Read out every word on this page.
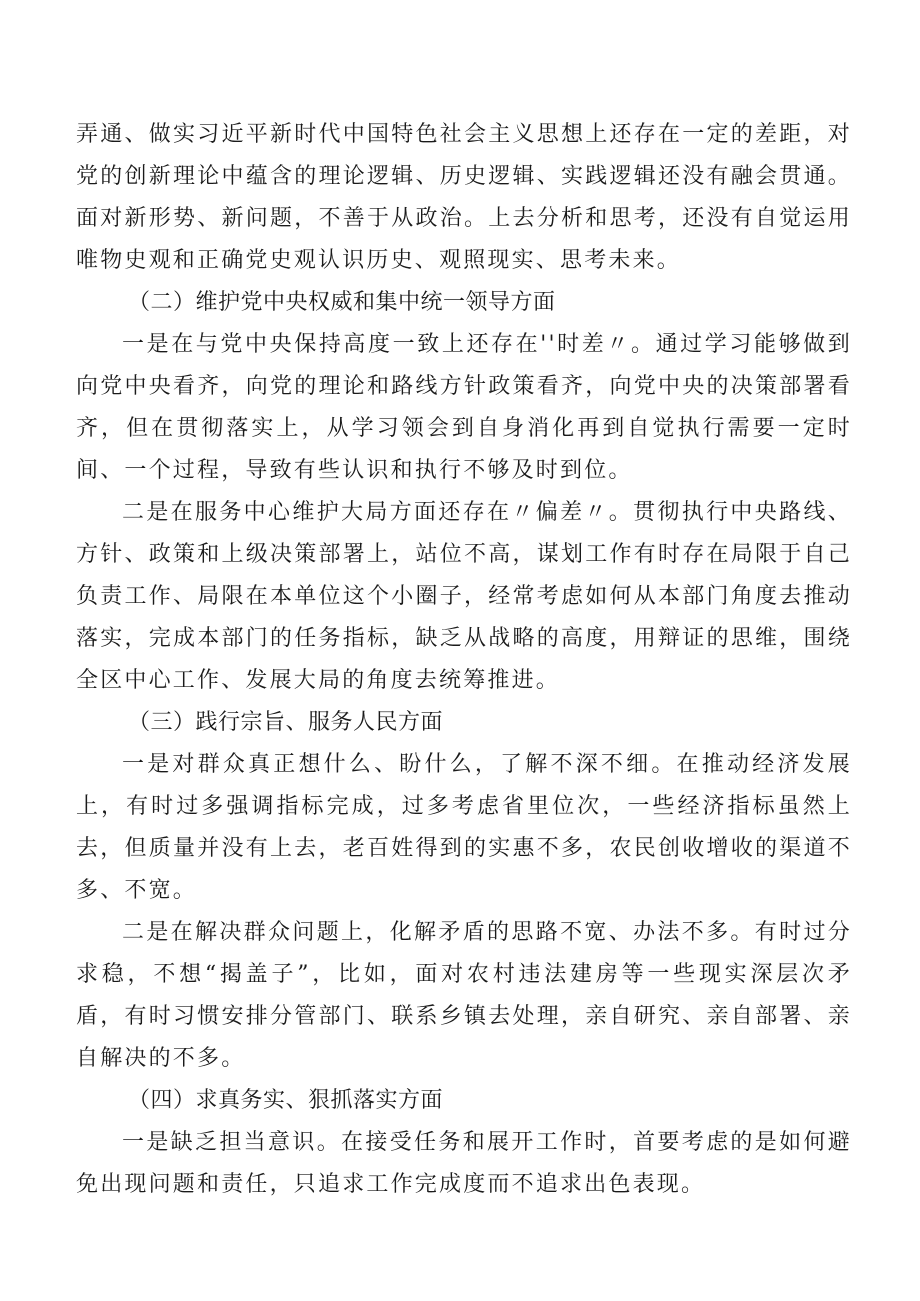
弄通、做实习近平新时代中国特色社会主义思想上还存在一定的差距，对党的创新理论中蕴含的理论逻辑、历史逻辑、实践逻辑还没有融会贯通。面对新形势、新问题，不善于从政治。上去分析和思考，还没有自觉运用唯物史观和正确党史观认识历史、观照现实、思考未来。

（二）维护党中央权威和集中统一领导方面

一是在与党中央保持高度一致上还存在''时差〃。通过学习能够做到向党中央看齐，向党的理论和路线方针政策看齐，向党中央的决策部署看齐，但在贯彻落实上，从学习领会到自身消化再到自觉执行需要一定时间、一个过程，导致有些认识和执行不够及时到位。

二是在服务中心维护大局方面还存在〃偏差〃。贯彻执行中央路线、方针、政策和上级决策部署上，站位不高，谋划工作有时存在局限于自己负责工作、局限在本单位这个小圈子，经常考虑如何从本部门角度去推动落实，完成本部门的任务指标，缺乏从战略的高度，用辩证的思维，围绕全区中心工作、发展大局的角度去统筹推进。

（三）践行宗旨、服务人民方面

一是对群众真正想什么、盼什么，了解不深不细。在推动经济发展上，有时过多强调指标完成，过多考虑省里位次，一些经济指标虽然上去，但质量并没有上去，老百姓得到的实惠不多，农民创收增收的渠道不多、不宽。

二是在解决群众问题上，化解矛盾的思路不宽、办法不多。有时过分求稳，不想“揭盖子”，比如，面对农村违法建房等一些现实深层次矛盾，有时习惯安排分管部门、联系乡镇去处理，亲自研究、亲自部署、亲自解决的不多。

（四）求真务实、狠抓落实方面

一是缺乏担当意识。在接受任务和展开工作时，首要考虑的是如何避免出现问题和责任，只追求工作完成度而不追求出色表现。
